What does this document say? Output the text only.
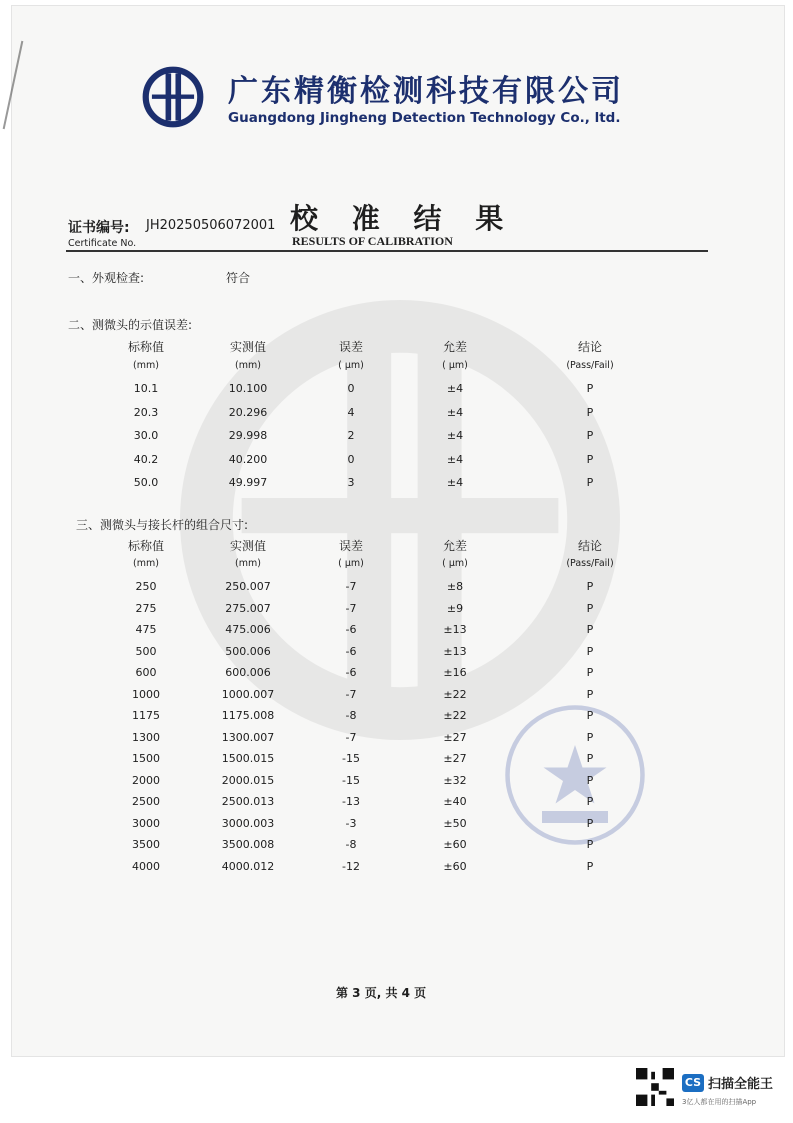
广东精衡检测科技有限公司
Guangdong Jingheng Detection Technology Co., ltd.
证书编号: JH20250506072001
Certificate No.
校 准 结 果
RESULTS OF CALIBRATION
一、外观检查:	符合
二、测微头的示值误差:
标称值	实测值	误差	允差	结论
(mm)	(mm)	( μm)	( μm)	(Pass/Fail)
10.1	10.100	0	±4	P
20.3	20.296	4	±4	P
30.0	29.998	2	±4	P
40.2	40.200	0	±4	P
50.0	49.997	3	±4	P
三、测微头与接长杆的组合尺寸:
标称值	实测值	误差	允差	结论
(mm)	(mm)	( μm)	( μm)	(Pass/Fail)
250	250.007	-7	±8	P
275	275.007	-7	±9	P
475	475.006	-6	±13	P
500	500.006	-6	±13	P
600	600.006	-6	±16	P
1000	1000.007	-7	±22	P
1175	1175.008	-8	±22	P
1300	1300.007	-7	±27	P
1500	1500.015	-15	±27	P
2000	2000.015	-15	±32	P
2500	2500.013	-13	±40	P
3000	3000.003	-3	±50	P
3500	3500.008	-8	±60	P
4000	4000.012	-12	±60	P
第 3 页, 共 4 页
CS 扫描全能王
3亿人都在用的扫描App
